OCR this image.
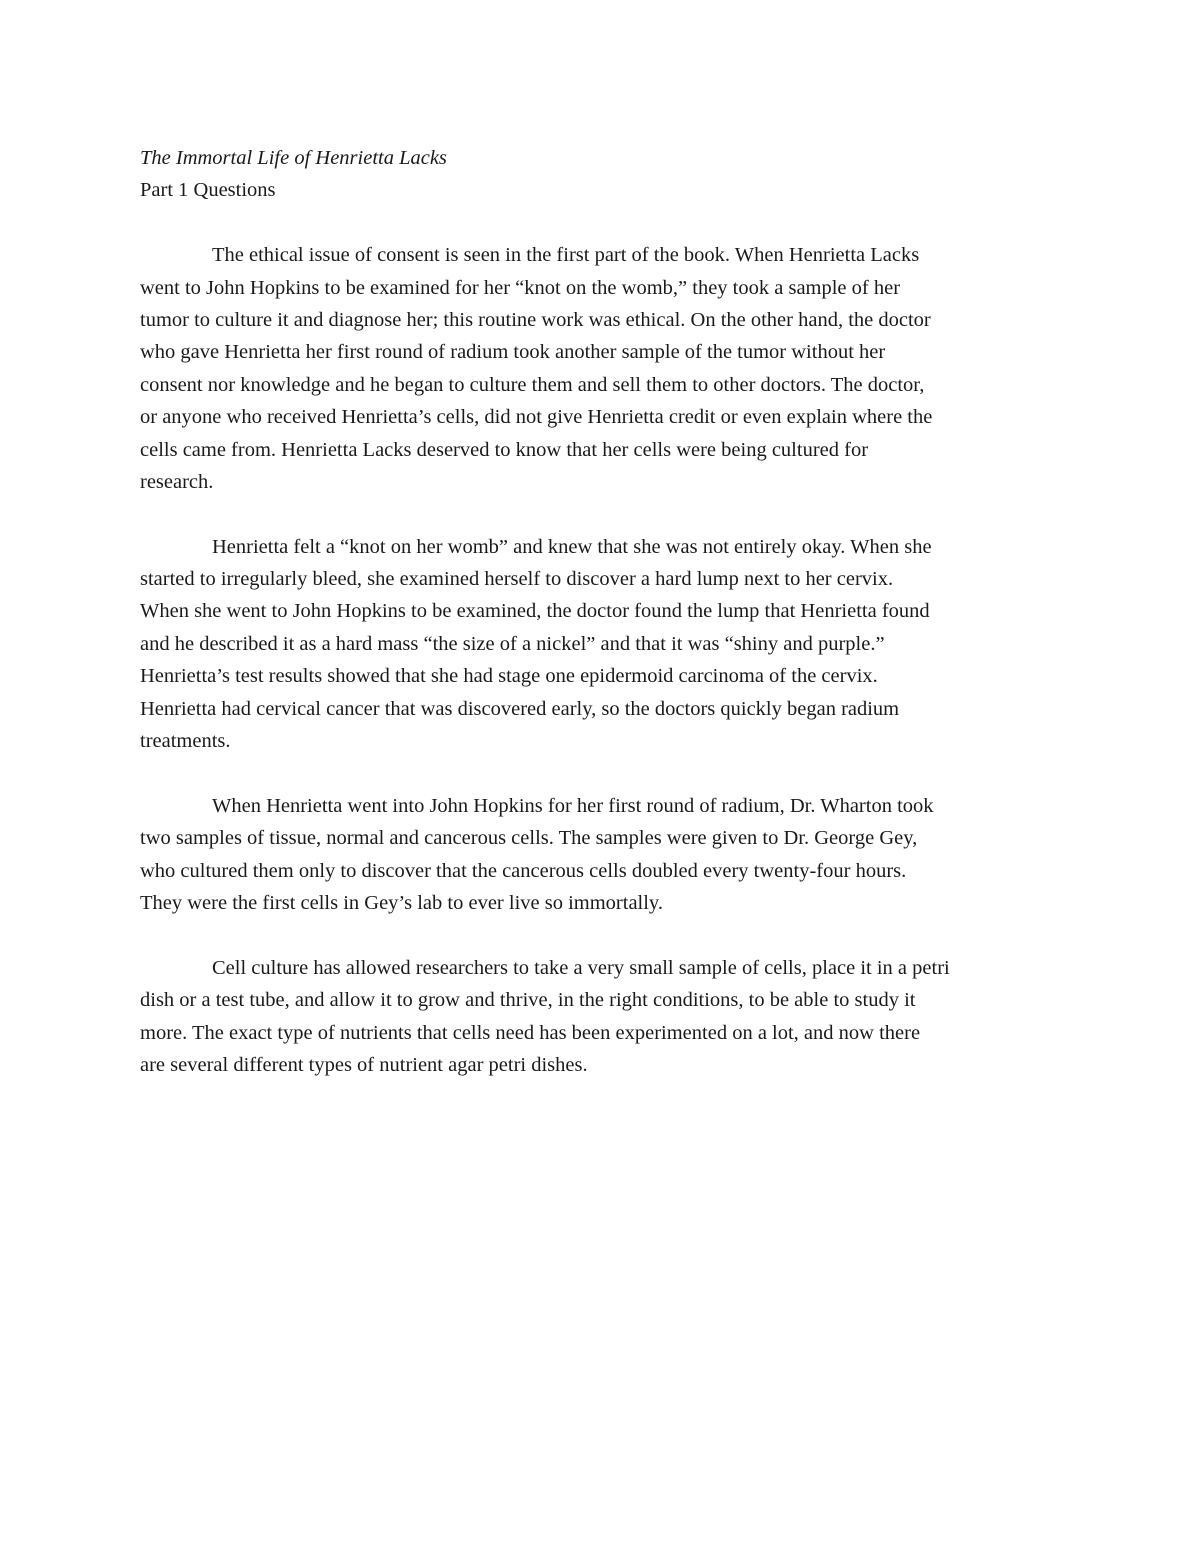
The Immortal Life of Henrietta Lacks
Part 1 Questions
The ethical issue of consent is seen in the first part of the book. When Henrietta Lacks
went to John Hopkins to be examined for her “knot on the womb,” they took a sample of her
tumor to culture it and diagnose her; this routine work was ethical. On the other hand, the doctor
who gave Henrietta her first round of radium took another sample of the tumor without her
consent nor knowledge and he began to culture them and sell them to other doctors. The doctor,
or anyone who received Henrietta’s cells, did not give Henrietta credit or even explain where the
cells came from. Henrietta Lacks deserved to know that her cells were being cultured for
research.
Henrietta felt a “knot on her womb” and knew that she was not entirely okay. When she
started to irregularly bleed, she examined herself to discover a hard lump next to her cervix.
When she went to John Hopkins to be examined, the doctor found the lump that Henrietta found
and he described it as a hard mass “the size of a nickel” and that it was “shiny and purple.”
Henrietta’s test results showed that she had stage one epidermoid carcinoma of the cervix.
Henrietta had cervical cancer that was discovered early, so the doctors quickly began radium
treatments.
When Henrietta went into John Hopkins for her first round of radium, Dr. Wharton took
two samples of tissue, normal and cancerous cells. The samples were given to Dr. George Gey,
who cultured them only to discover that the cancerous cells doubled every twenty-four hours.
They were the first cells in Gey’s lab to ever live so immortally.
Cell culture has allowed researchers to take a very small sample of cells, place it in a petri
dish or a test tube, and allow it to grow and thrive, in the right conditions, to be able to study it
more. The exact type of nutrients that cells need has been experimented on a lot, and now there
are several different types of nutrient agar petri dishes.
